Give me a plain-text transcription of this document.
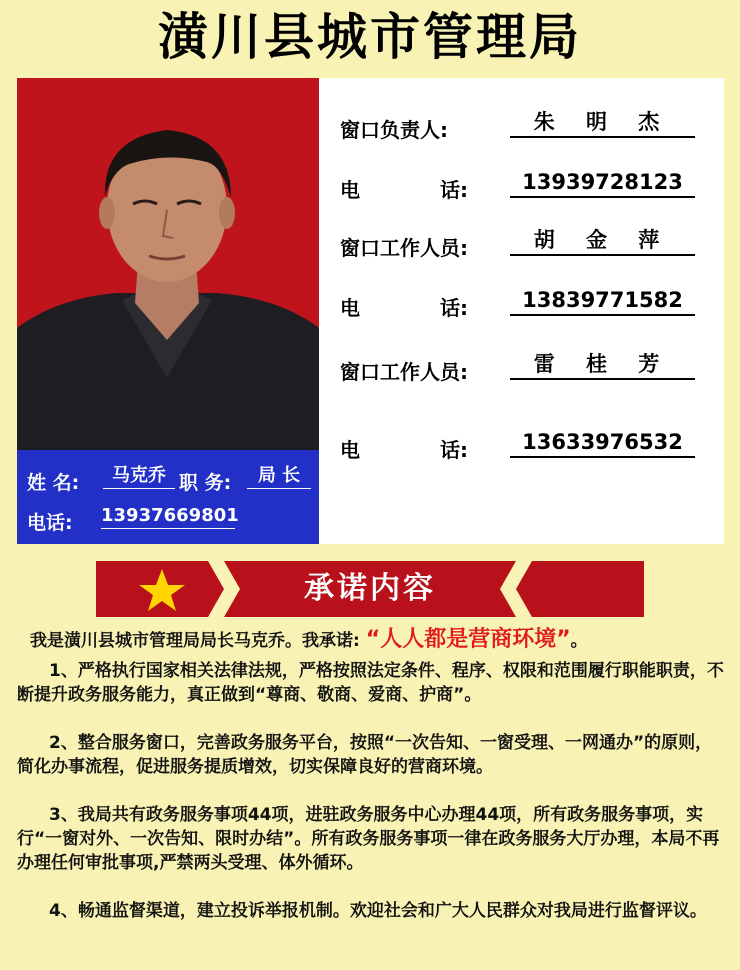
潢川县城市管理局
姓 名:	马克乔 职 务:	局 长
电话: 13937669801
窗口负责人:	朱 明 杰
电　　　　话:	13939728123
窗口工作人员:	胡 金 萍
电　　　　话:	13839771582
窗口工作人员:	雷 桂 芳
电　　　　话:	13633976532
承诺内容
我是潢川县城市管理局局长马克乔。我承诺: “人人都是营商环境”。
1、严格执行国家相关法律法规，严格按照法定条件、程序、权限和范围履行职能职责，不断提升政务服务能力，真正做到“尊商、敬商、爱商、护商”。
2、整合服务窗口，完善政务服务平台，按照“一次告知、一窗受理、一网通办”的原则，简化办事流程，促进服务提质增效，切实保障良好的营商环境。
3、我局共有政务服务事项44项，进驻政务服务中心办理44项，所有政务服务事项，实行“一窗对外、一次告知、限时办结”。所有政务服务事项一律在政务服务大厅办理，本局不再办理任何审批事项,严禁两头受理、体外循环。
4、畅通监督渠道，建立投诉举报机制。欢迎社会和广大人民群众对我局进行监督评议。
